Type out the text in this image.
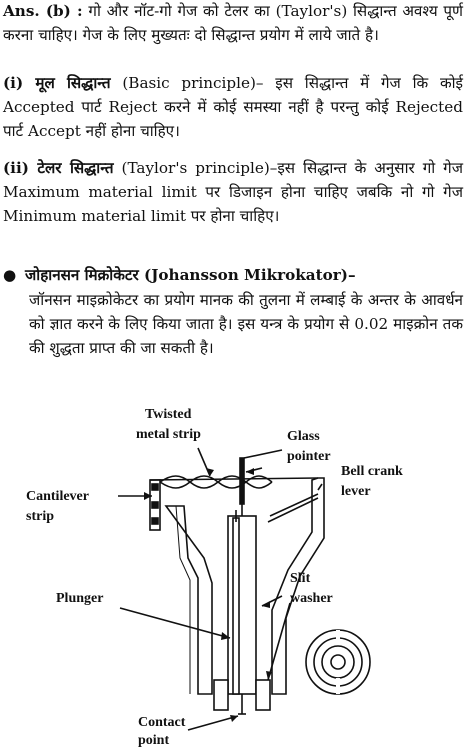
Ans. (b) : गो और नॉट-गो गेज को टेलर का (Taylor's) सिद्धान्त अवश्य पूर्ण करना चाहिए। गेज के लिए मुख्यतः दो सिद्धान्त प्रयोग में लाये जाते है।

(i) मूल सिद्धान्त (Basic principle)– इस सिद्धान्त में गेज कि कोई Accepted पार्ट Reject करने में कोई समस्या नहीं है परन्तु कोई Rejected पार्ट Accept नहीं होना चाहिए।

(ii) टेलर सिद्धान्त (Taylor's principle)–इस सिद्धान्त के अनुसार गो गेज Maximum material limit पर डिजाइन होना चाहिए जबकि नो गो गेज Minimum material limit पर होना चाहिए।

● जोहानसन मिक्रोकेटर (Johansson Mikrokator)–

जॉनसन माइक्रोकेटर का प्रयोग मानक की तुलना में लम्बाई के अन्तर के आवर्धन को ज्ञात करने के लिए किया जाता है। इस यन्त्र के प्रयोग से 0.02 माइक्रोन तक की शुद्धता प्राप्त की जा सकती है।

Twisted
metal strip	Glass
pointer
Bell crank
lever
Cantilever
strip
Plunger
Slit
washer
Contact
point
